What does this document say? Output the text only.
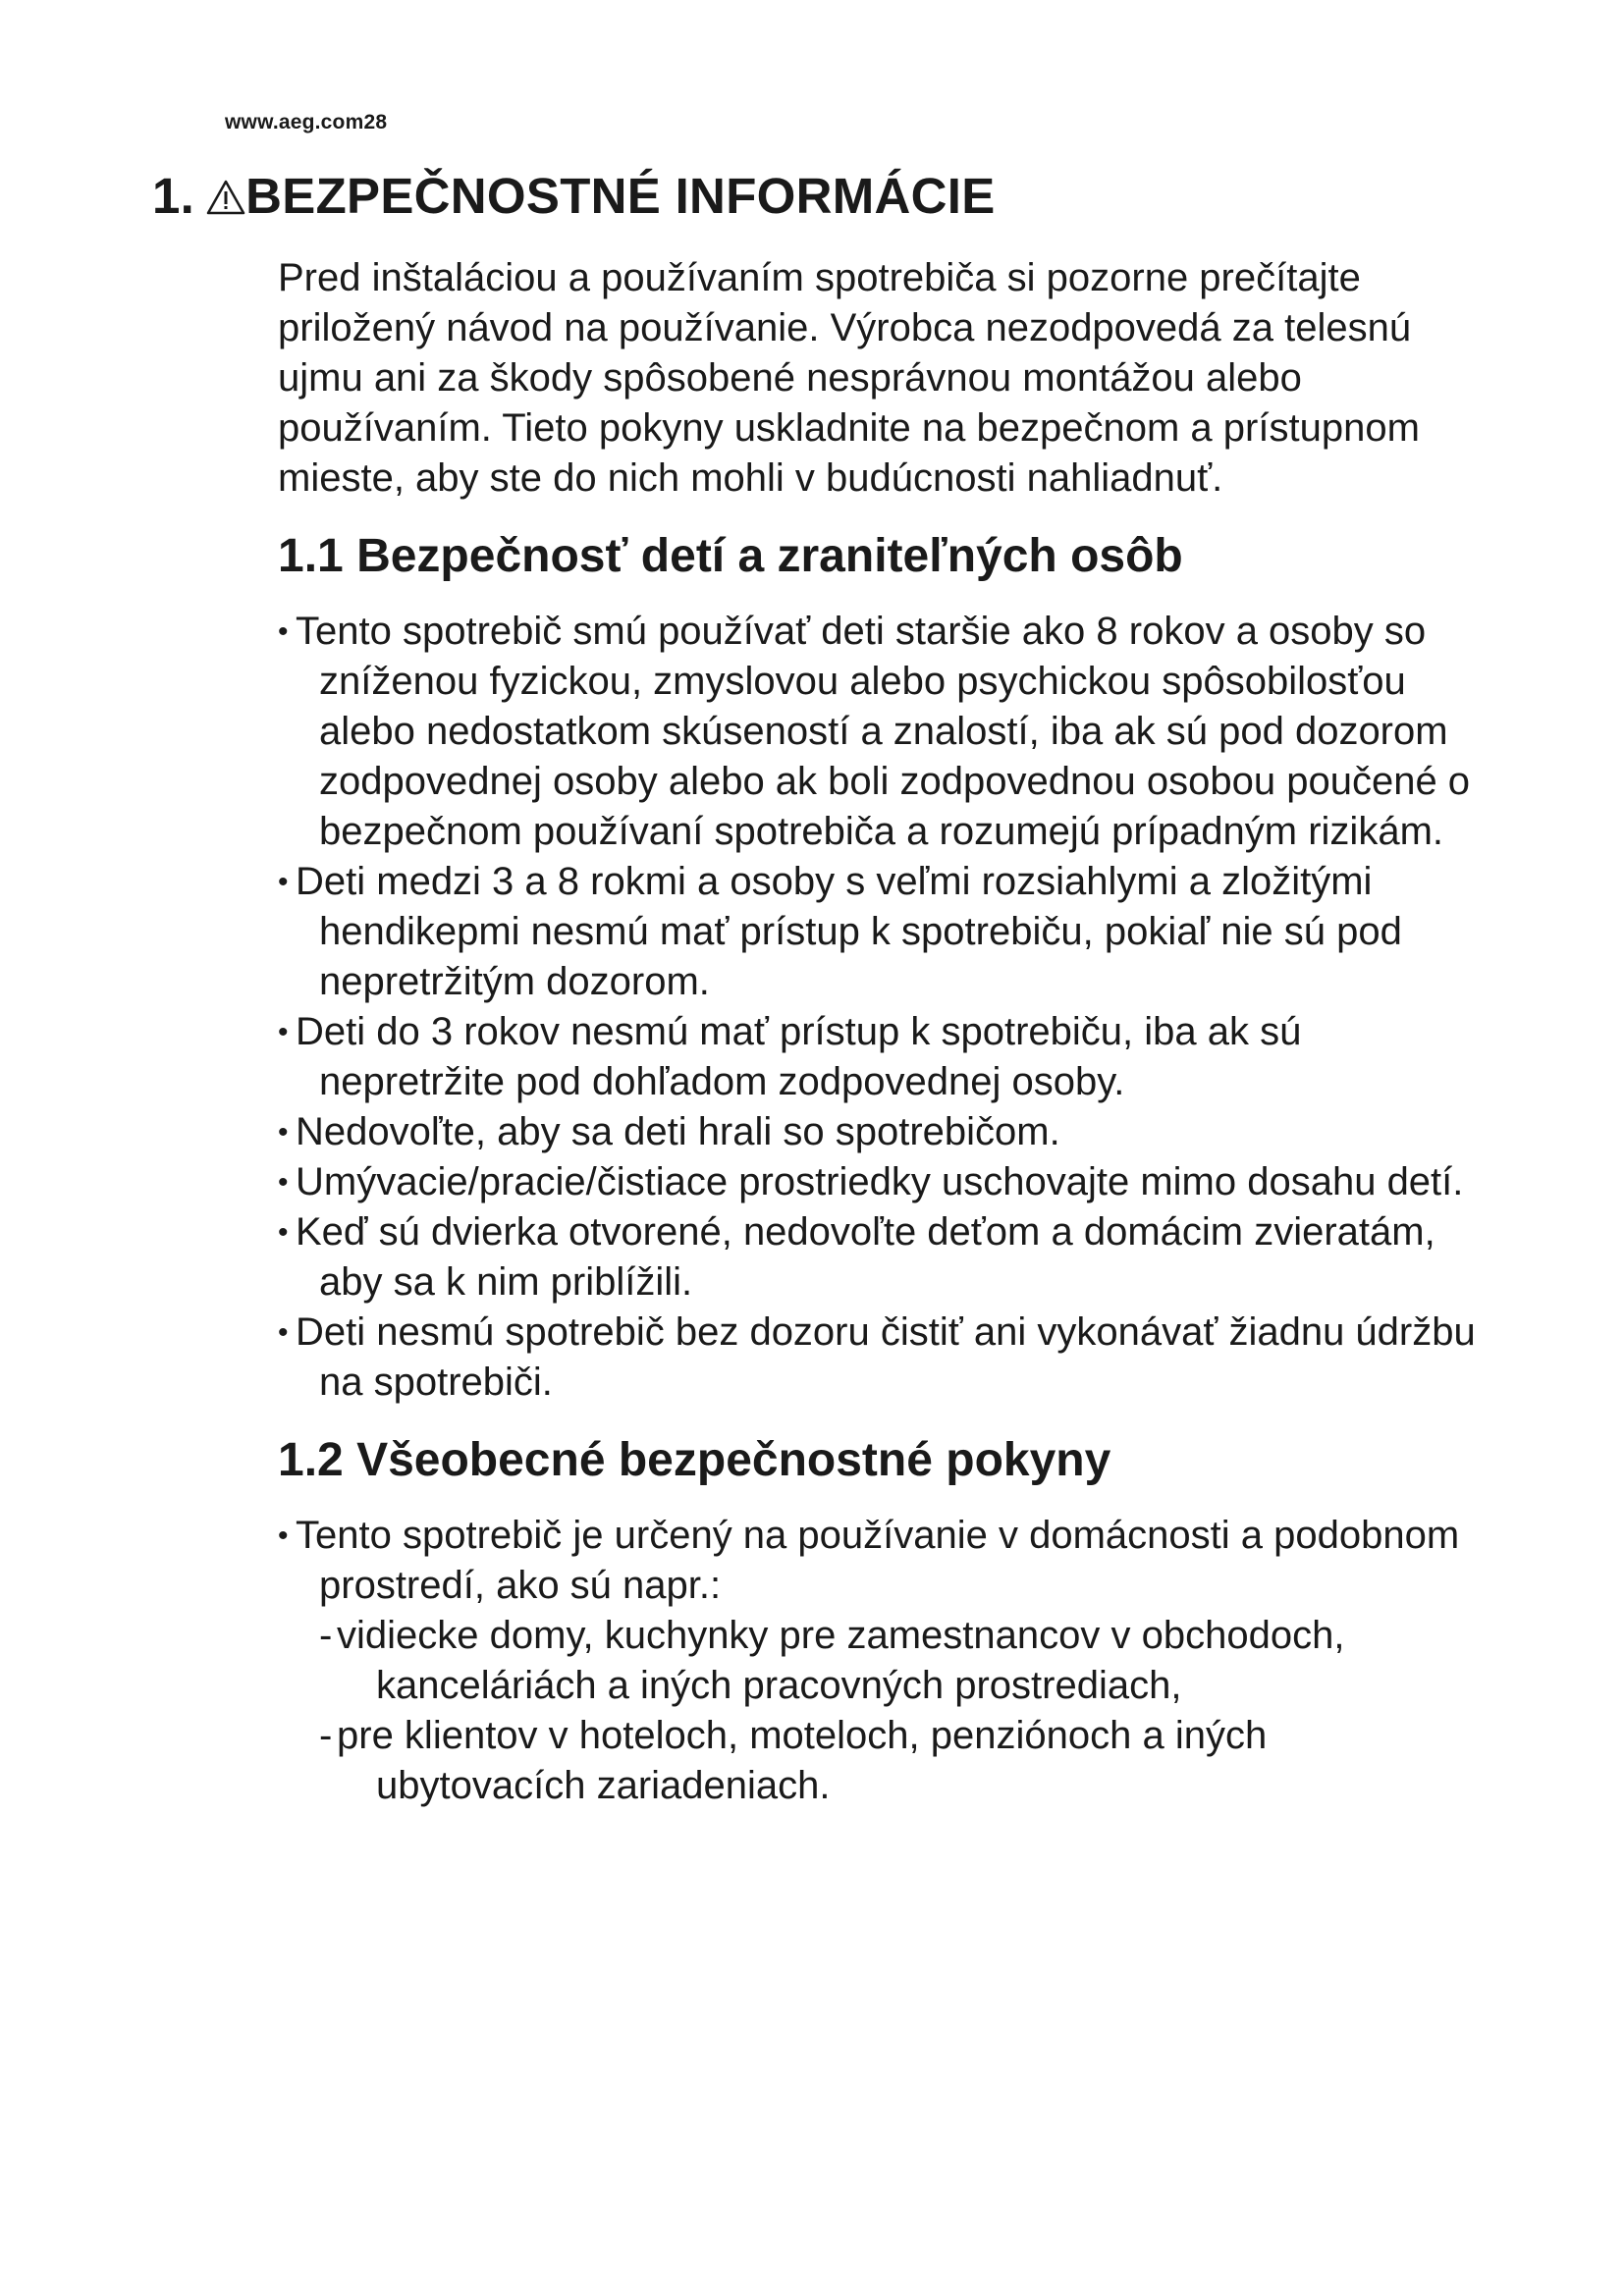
www.aeg.com28
1. BEZPEČNOSTNÉ INFORMÁCIE

Pred inštaláciou a používaním spotrebiča si pozorne prečítajte priložený návod na používanie. Výrobca nezodpovedá za telesnú ujmu ani za škody spôsobené nesprávnou montážou alebo používaním. Tieto pokyny uskladnite na bezpečnom a prístupnom mieste, aby ste do nich mohli v budúcnosti nahliadnuť.

1.1 Bezpečnosť detí a zraniteľných osôb
• Tento spotrebič smú používať deti staršie ako 8 rokov a osoby so zníženou fyzickou, zmyslovou alebo psychickou spôsobilosťou alebo nedostatkom skúseností a znalostí, iba ak sú pod dozorom zodpovednej osoby alebo ak boli zodpovednou osobou poučené o bezpečnom používaní spotrebiča a rozumejú prípadným rizikám.
• Deti medzi 3 a 8 rokmi a osoby s veľmi rozsiahlymi a zložitými hendikepmi nesmú mať prístup k spotrebiču, pokiaľ nie sú pod nepretržitým dozorom.
• Deti do 3 rokov nesmú mať prístup k spotrebiču, iba ak sú nepretržite pod dohľadom zodpovednej osoby.
• Nedovoľte, aby sa deti hrali so spotrebičom.
• Umývacie/pracie/čistiace prostriedky uschovajte mimo dosahu detí.
• Keď sú dvierka otvorené, nedovoľte deťom a domácim zvieratám, aby sa k nim priblížili.
• Deti nesmú spotrebič bez dozoru čistiť ani vykonávať žiadnu údržbu na spotrebiči.
1.2 Všeobecné bezpečnostné pokyny
• Tento spotrebič je určený na používanie v domácnosti a podobnom prostredí, ako sú napr.:
- vidiecke domy, kuchynky pre zamestnancov v obchodoch, kanceláriách a iných pracovných prostrediach,
- pre klientov v hoteloch, moteloch, penziónoch a iných ubytovacích zariadeniach.
